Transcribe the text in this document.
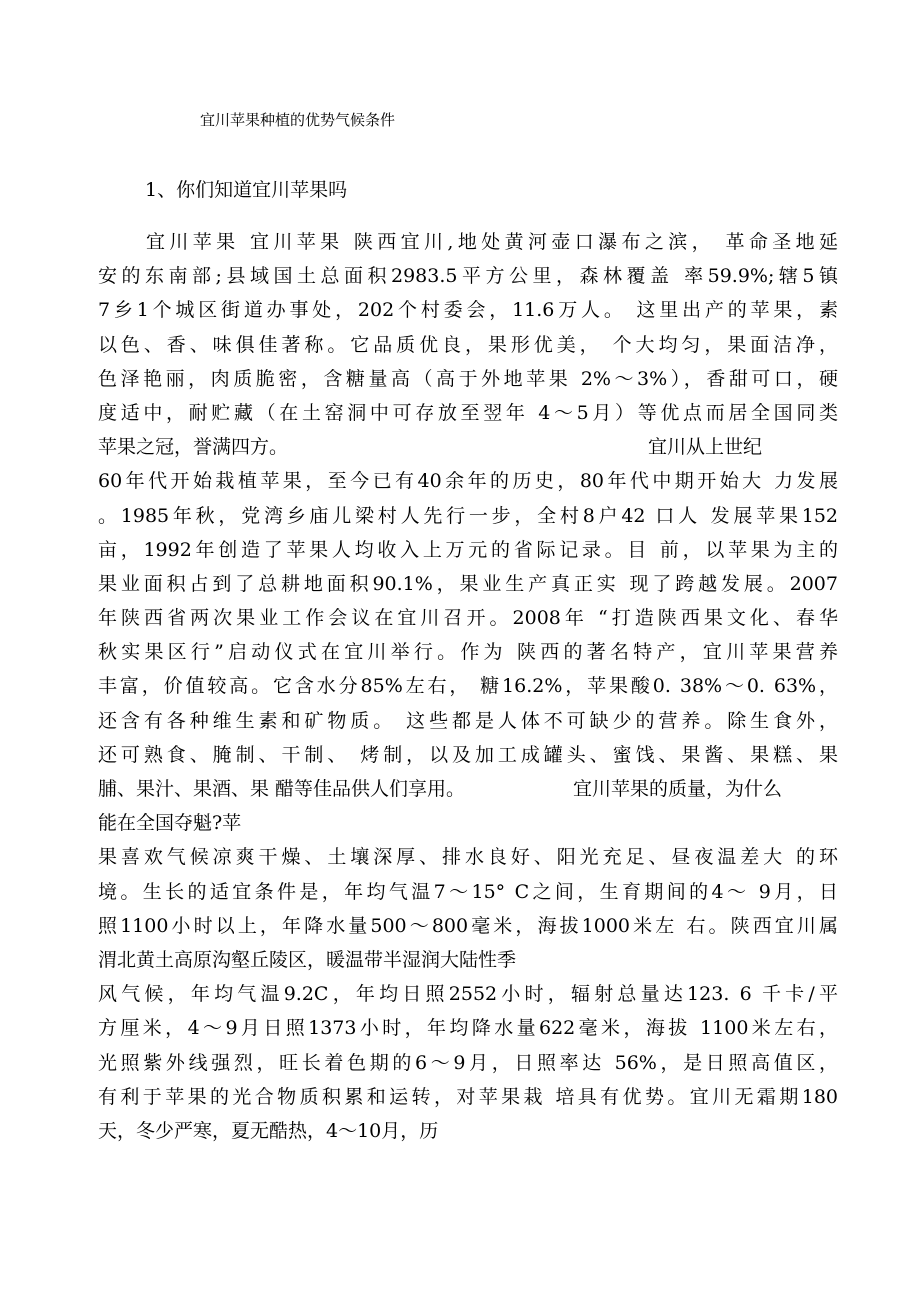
宜川苹果种植的优势气候条件
1、你们知道宜川苹果吗
宜川苹果 宜川苹果 陕西宜川,地处黄河壶口瀑布之滨， 革命圣地延
安的东南部;县域国土总面积2983.5平方公里，森林覆盖 率59.9%;辖5镇
7乡1个城区街道办事处，202个村委会，11.6万人。 这里出产的苹果，素
以色、香、味俱佳著称。它品质优良，果形优美， 个大均匀，果面洁净，
色泽艳丽，肉质脆密，含糖量高（高于外地苹果 2%～3%），香甜可口，硬
度适中，耐贮藏（在土窑洞中可存放至翌年 4～5月）等优点而居全国同类
苹果之冠，誉满四方。	宜川从上世纪
60年代开始栽植苹果，至今已有40余年的历史，80年代中期开始大 力发展
。1985年秋，党湾乡庙儿梁村人先行一步，全村8户42 口人 发展苹果152
亩，1992年创造了苹果人均收入上万元的省际记录。目 前，以苹果为主的
果业面积占到了总耕地面积90.1%，果业生产真正实 现了跨越发展。2007
年陕西省两次果业工作会议在宜川召开。2008年 “打造陕西果文化、春华
秋实果区行”启动仪式在宜川举行。作为 陕西的著名特产，宜川苹果营养
丰富，价值较高。它含水分85%左右， 糖16.2%，苹果酸0. 38%～0. 63%，
还含有各种维生素和矿物质。 这些都是人体不可缺少的营养。除生食外，
还可熟食、腌制、干制、 烤制，以及加工成罐头、蜜饯、果酱、果糕、果
脯、果汁、果酒、果 醋等佳品供人们享用。	宜川苹果的质量，为什么
能在全国夺魁?苹
果喜欢气候凉爽干燥、土壤深厚、排水良好、阳光充足、昼夜温差大 的环
境。生长的适宜条件是，年均气温7～15° C之间，生育期间的4～ 9月，日
照1100小时以上，年降水量500～800毫米，海拔1000米左 右。陕西宜川属
渭北黄土高原沟壑丘陵区，暖温带半湿润大陆性季
风气候，年均气温9.2C，年均日照2552小时，辐射总量达123. 6 千卡/平
方厘米，4～9月日照1373小时，年均降水量622毫米，海拔 1100米左右，
光照紫外线强烈，旺长着色期的6～9月，日照率达 56%，是日照高值区，
有利于苹果的光合物质积累和运转，对苹果栽 培具有优势。宜川无霜期180
天，冬少严寒，夏无酷热，4～10月，历
